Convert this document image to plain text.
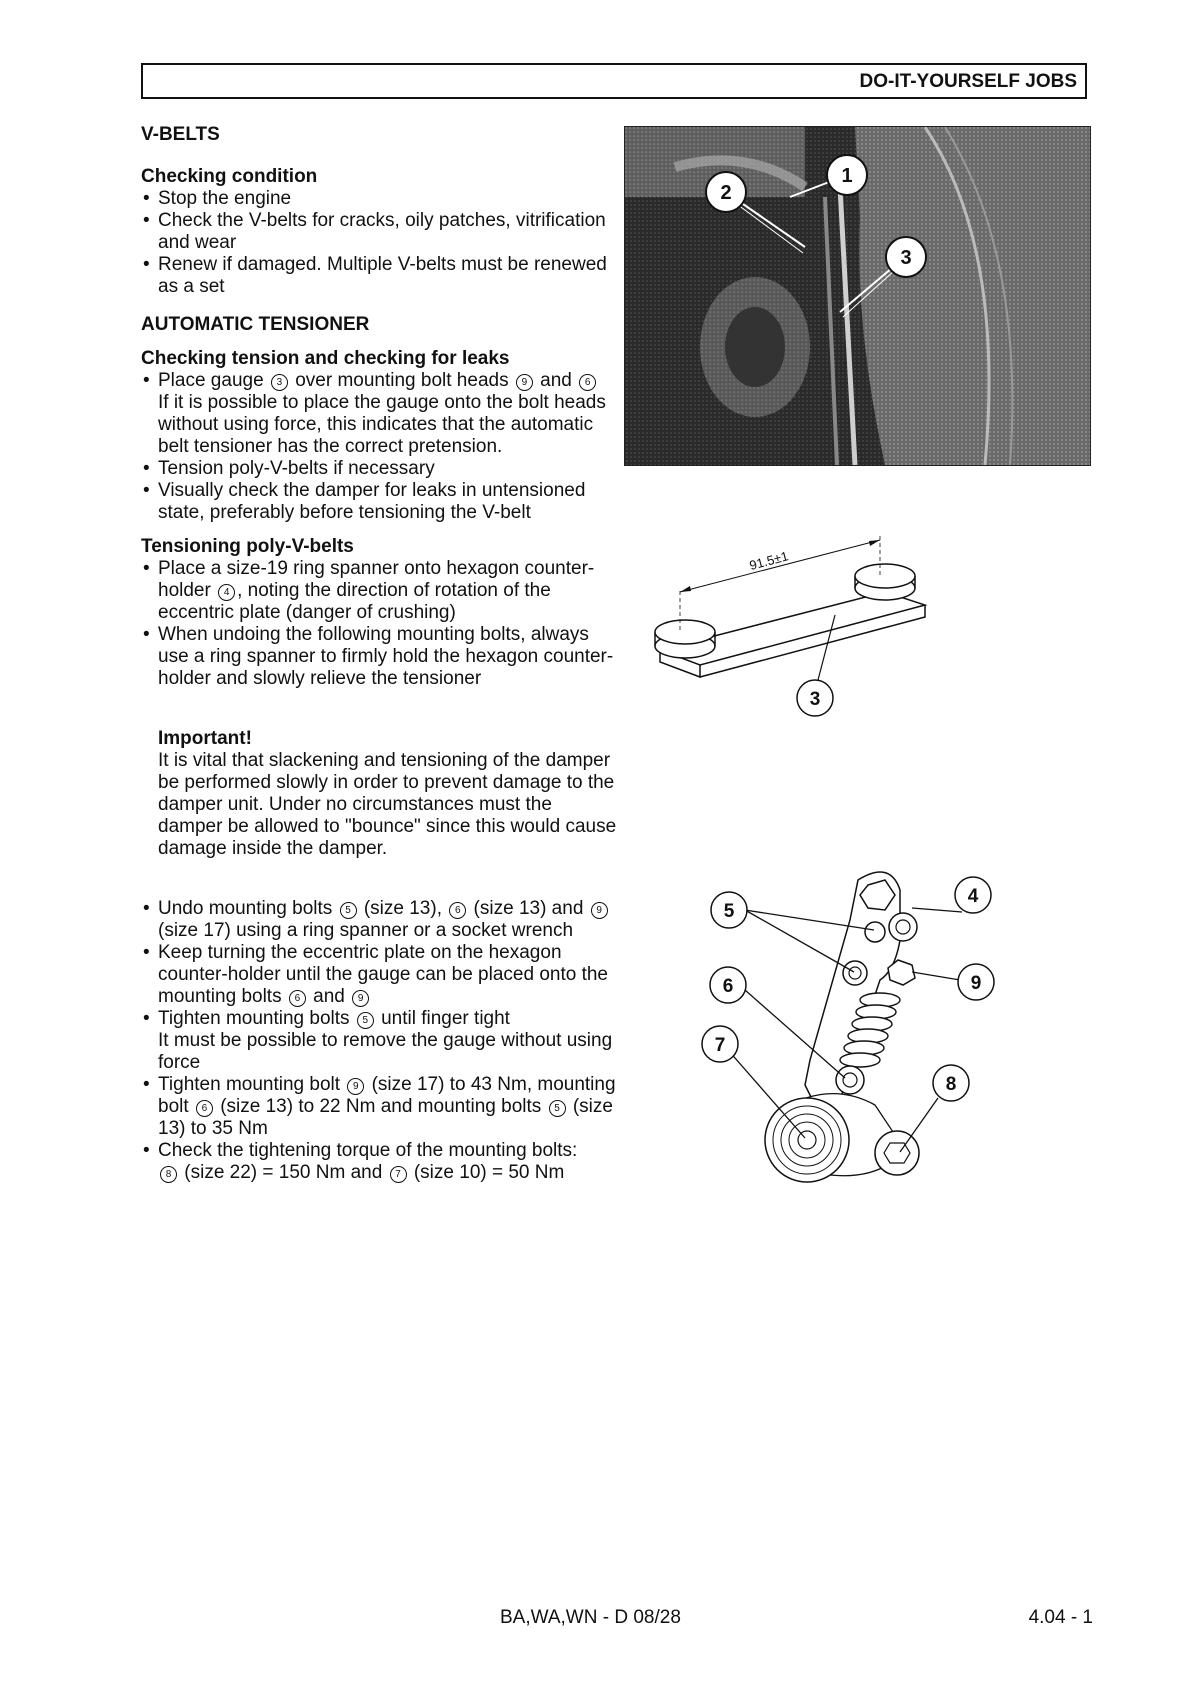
DO-IT-YOURSELF JOBS
V-BELTS
Checking condition
• Stop the engine
• Check the V-belts for cracks, oily patches, vitrification and wear
• Renew if damaged. Multiple V-belts must be renewed as a set
AUTOMATIC TENSIONER
Checking tension and checking for leaks
• Place gauge 3 over mounting bolt heads 9 and 6
If it is possible to place the gauge onto the bolt heads without using force, this indicates that the automatic belt tensioner has the correct pretension.
• Tension poly-V-belts if necessary
• Visually check the damper for leaks in untensioned state, preferably before tensioning the V-belt
Tensioning poly-V-belts
• Place a size-19 ring spanner onto hexagon counter-holder 4 , noting the direction of rotation of the eccentric plate (danger of crushing)
• When undoing the following mounting bolts, always use a ring spanner to firmly hold the hexagon counter-holder and slowly relieve the tensioner
Important!
It is vital that slackening and tensioning of the damper be performed slowly in order to prevent damage to the damper unit. Under no circumstances must the damper be allowed to "bounce" since this would cause damage inside the damper.
• Undo mounting bolts 5 (size 13), 6 (size 13) and 9 (size 17) using a ring spanner or a socket wrench
• Keep turning the eccentric plate on the hexagon counter-holder until the gauge can be placed onto the mounting bolts 6 and 9
• Tighten mounting bolts 5 until finger tight
It must be possible to remove the gauge without using force
• Tighten mounting bolt 9 (size 17) to 43 Nm, mounting bolt 6 (size 13) to 22 Nm and mounting bolts 5 (size 13) to 35 Nm
• Check the tightening torque of the mounting bolts:
8 (size 22) = 150 Nm and 7 (size 10) = 50 Nm
2
1
3
91.5±1
3
4
5
6	9
7
8
BA,WA,WN - D 08/28	4.04 - 1
